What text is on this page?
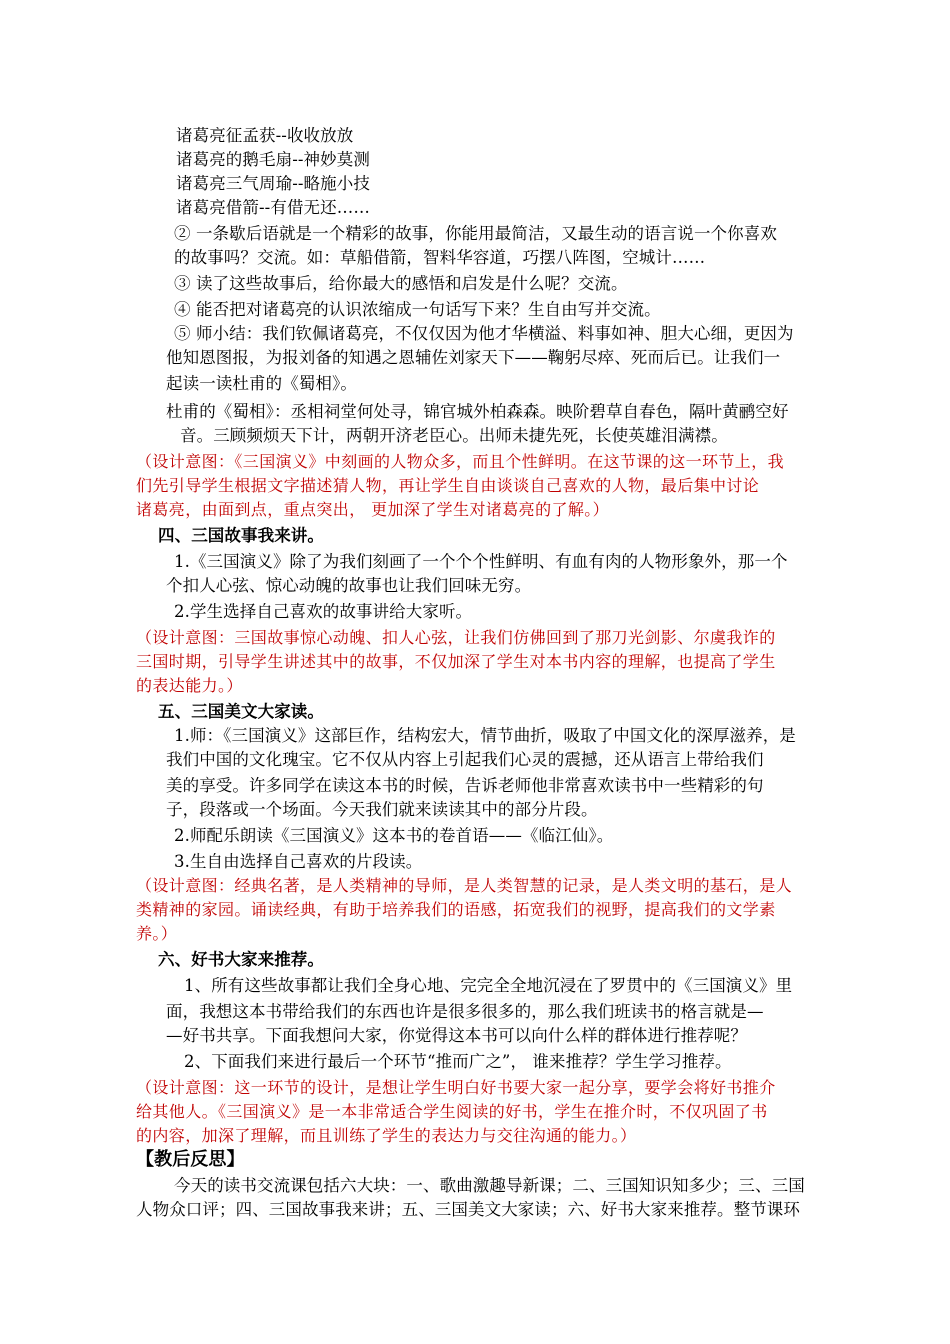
诸葛亮征孟获--收收放放
诸葛亮的鹅毛扇--神妙莫测
诸葛亮三气周瑜--略施小技
诸葛亮借箭--有借无还……
② 一条歇后语就是一个精彩的故事，你能用最简洁，又最生动的语言说一个你喜欢
的故事吗？交流。如：草船借箭，智料华容道，巧摆八阵图，空城计……
③ 读了这些故事后，给你最大的感悟和启发是什么呢？交流。
④ 能否把对诸葛亮的认识浓缩成一句话写下来？生自由写并交流。
⑤ 师小结：我们钦佩诸葛亮，不仅仅因为他才华横溢、料事如神、胆大心细，更因为
他知恩图报，为报刘备的知遇之恩辅佐刘家天下——鞠躬尽瘁、死而后已。让我们一
起读一读杜甫的《蜀相》。
杜甫的《蜀相》：丞相祠堂何处寻，锦官城外柏森森。映阶碧草自春色，隔叶黄鹂空好
音。三顾频烦天下计，两朝开济老臣心。出师未捷先死，长使英雄泪满襟。
（设计意图：《三国演义》中刻画的人物众多，而且个性鲜明。在这节课的这一环节上，我
们先引导学生根据文字描述猜人物，再让学生自由谈谈自己喜欢的人物，最后集中讨论
诸葛亮，由面到点，重点突出， 更加深了学生对诸葛亮的了解。）
四、三国故事我来讲。
1.《三国演义》除了为我们刻画了一个个个性鲜明、有血有肉的人物形象外，那一个
个扣人心弦、惊心动魄的故事也让我们回味无穷。
2.学生选择自己喜欢的故事讲给大家听。
（设计意图：三国故事惊心动魄、扣人心弦，让我们仿佛回到了那刀光剑影、尔虞我诈的
三国时期，引导学生讲述其中的故事，不仅加深了学生对本书内容的理解，也提高了学生
的表达能力。）
五、三国美文大家读。
1.师：《三国演义》这部巨作，结构宏大，情节曲折，吸取了中国文化的深厚滋养，是
我们中国的文化瑰宝。它不仅从内容上引起我们心灵的震撼，还从语言上带给我们
美的享受。许多同学在读这本书的时候，告诉老师他非常喜欢读书中一些精彩的句
子，段落或一个场面。今天我们就来读读其中的部分片段。
2.师配乐朗读《三国演义》这本书的卷首语——《临江仙》。
3.生自由选择自己喜欢的片段读。
（设计意图：经典名著，是人类精神的导师，是人类智慧的记录，是人类文明的基石，是人
类精神的家园。诵读经典，有助于培养我们的语感，拓宽我们的视野，提高我们的文学素
养。）
六、好书大家来推荐。
1、所有这些故事都让我们全身心地、完完全全地沉浸在了罗贯中的《三国演义》里
面，我想这本书带给我们的东西也许是很多很多的，那么我们班读书的格言就是—
—好书共享。下面我想问大家，你觉得这本书可以向什么样的群体进行推荐呢？
2、下面我们来进行最后一个环节“推而广之”， 谁来推荐？学生学习推荐。
（设计意图：这一环节的设计，是想让学生明白好书要大家一起分享，要学会将好书推介
给其他人。《三国演义》是一本非常适合学生阅读的好书，学生在推介时，不仅巩固了书
的内容，加深了理解，而且训练了学生的表达力与交往沟通的能力。）
【教后反思】
今天的读书交流课包括六大块：一、歌曲激趣导新课；二、三国知识知多少；三、三国
人物众口评；四、三国故事我来讲；五、三国美文大家读；六、好书大家来推荐。整节课环
